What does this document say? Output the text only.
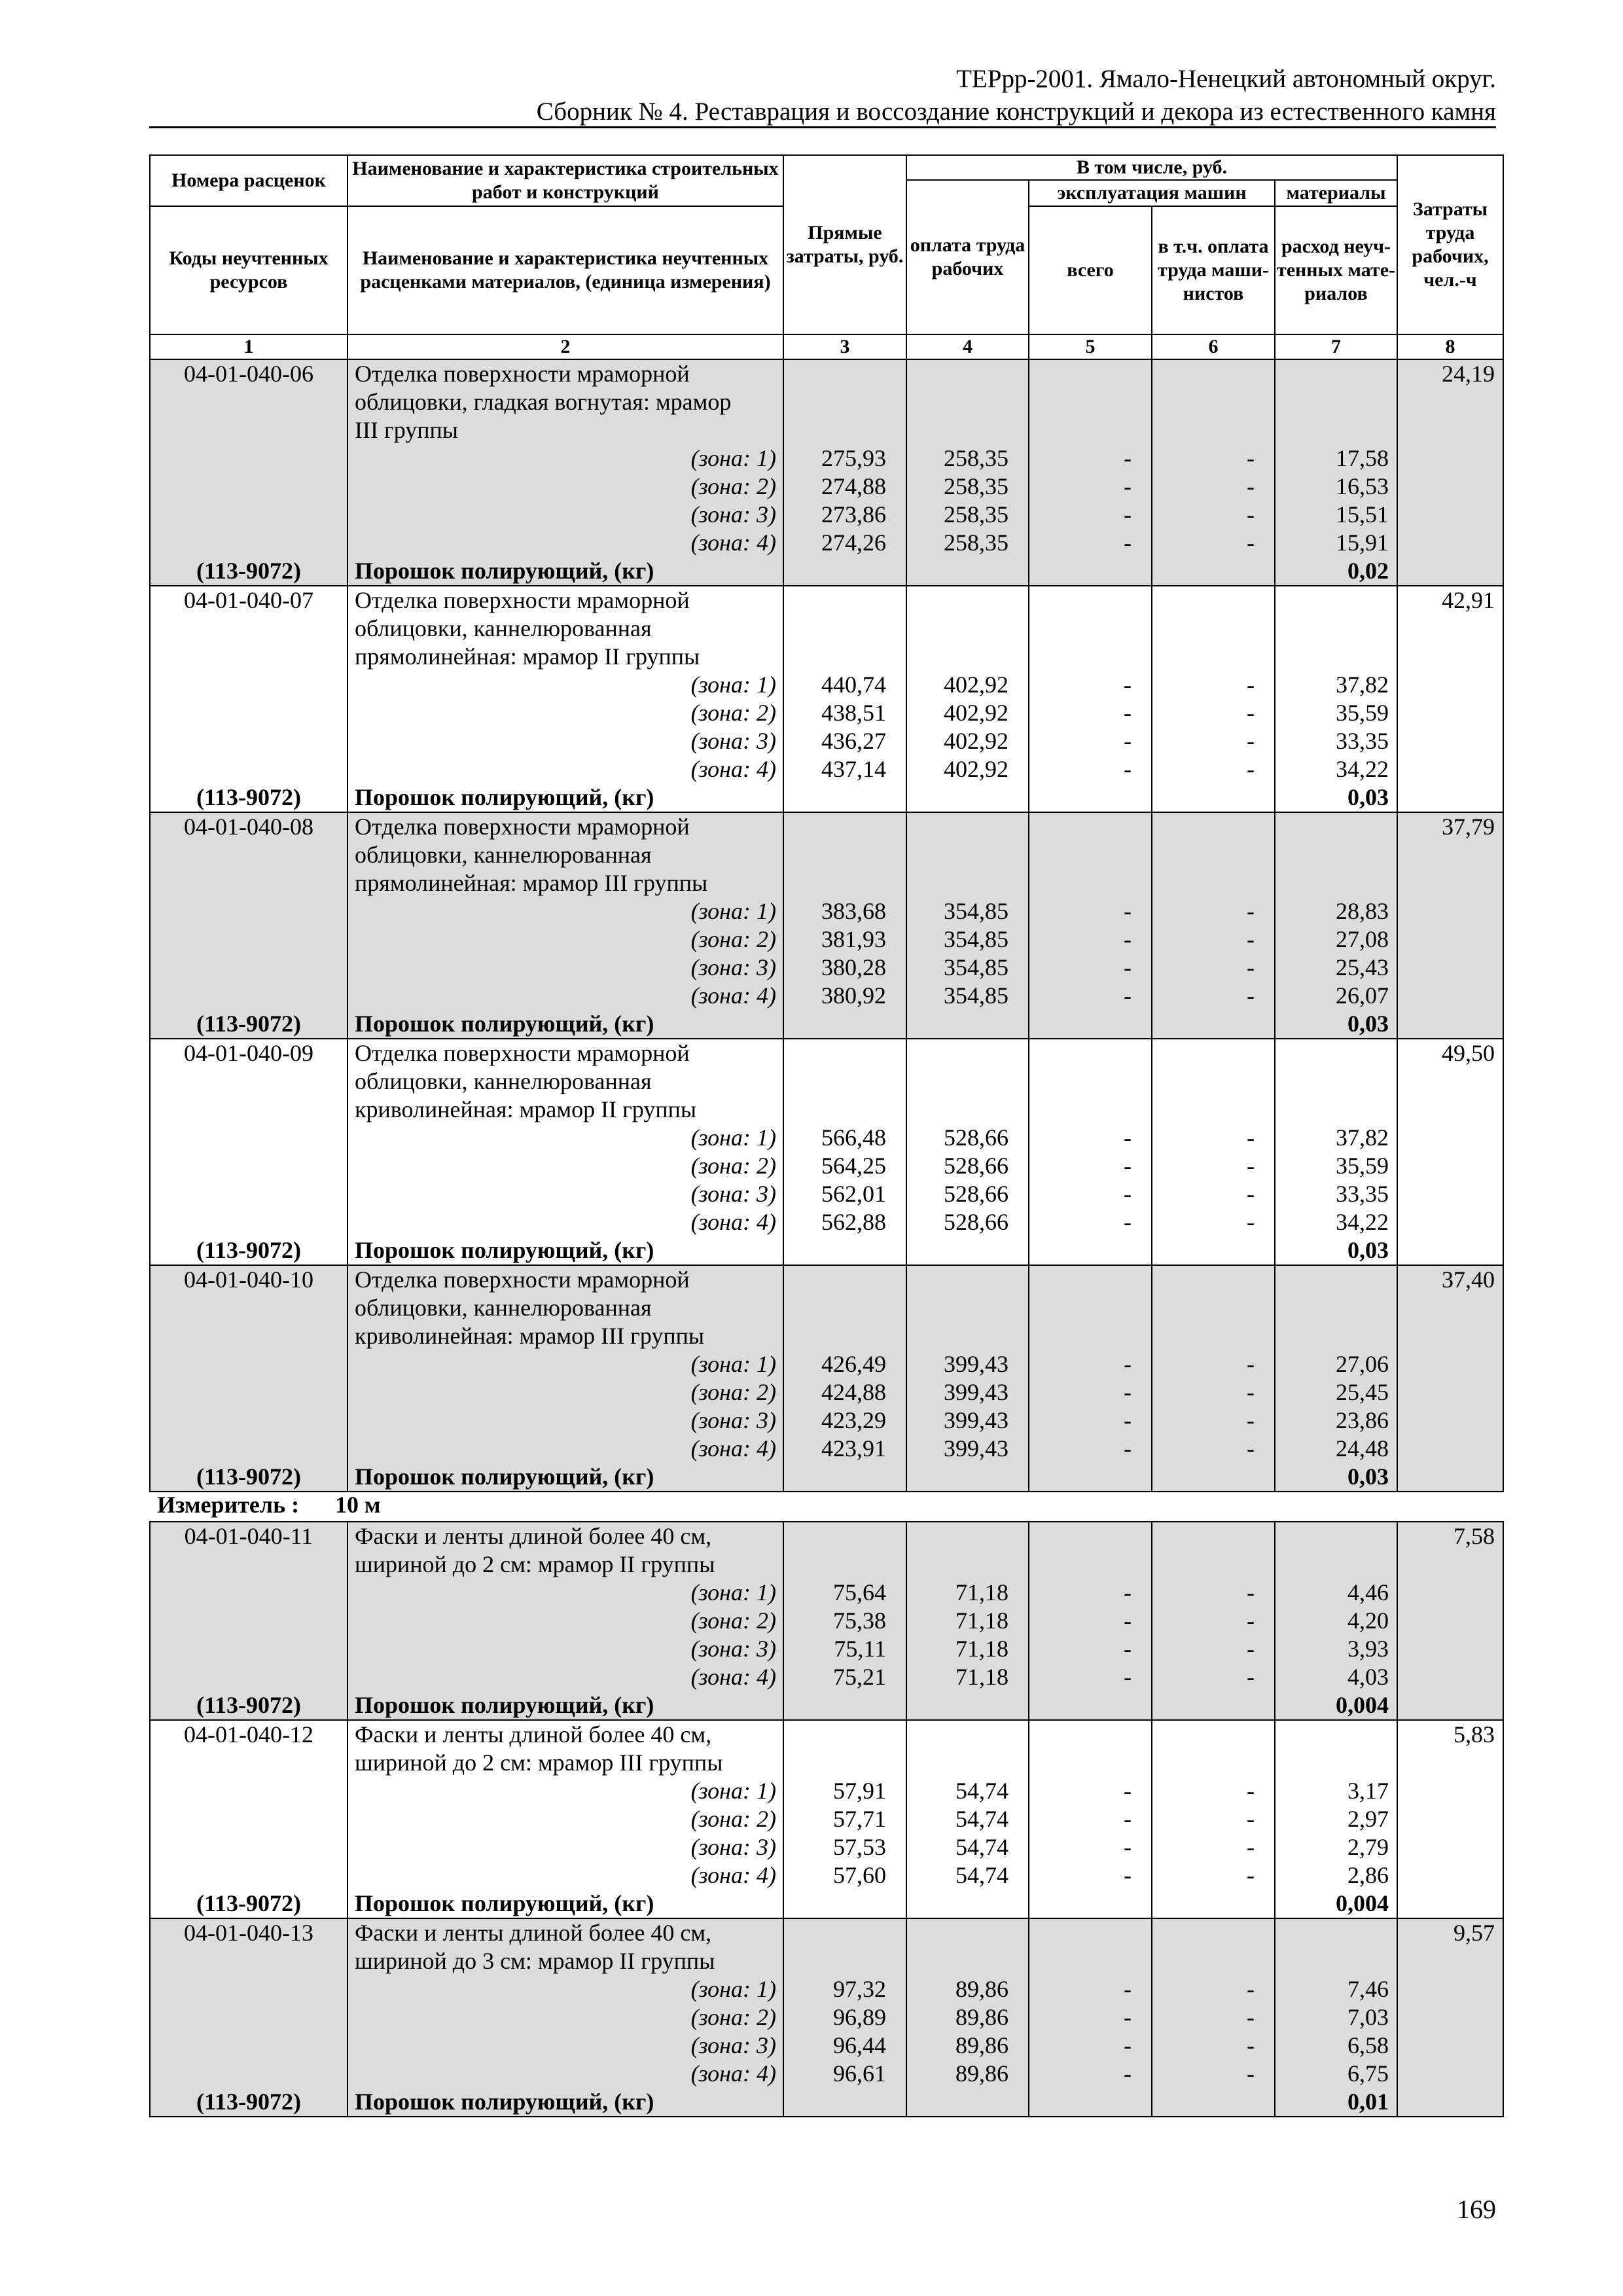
ТЕРрр-2001. Ямало-Ненецкий автономный округ.
Сборник № 4. Реставрация и воссоздание конструкций и декора из естественного камня
Номера расценок	Наименование и характеристика строительных работ и конструкций	Прямые затраты, руб.	В том числе, руб.				Затраты труда рабочих, чел.-ч
			оплата труда рабочих	эксплуатация машин		материалы	
Коды неучтенных ресурсов	Наименование и характеристика неучтенных расценками материалов, (единица измерения)			всего	в т.ч. оплата труда маши-нистов	расход неуч-тенных мате-риалов	
1	2	3	4	5	6	7	8
04-01-040-06	Отделка поверхности мраморной						24,19
	облицовки, гладкая вогнутая: мрамор						
	III группы						
	(зона: 1)	275,93	258,35	-	-	17,58	
	(зона: 2)	274,88	258,35	-	-	16,53	
	(зона: 3)	273,86	258,35	-	-	15,51	
	(зона: 4)	274,26	258,35	-	-	15,91	
(113-9072)	Порошок полирующий, (кг)					0,02	
04-01-040-07	Отделка поверхности мраморной						42,91
	облицовки, каннелюрованная						
	прямолинейная: мрамор II группы						
	(зона: 1)	440,74	402,92	-	-	37,82	
	(зона: 2)	438,51	402,92	-	-	35,59	
	(зона: 3)	436,27	402,92	-	-	33,35	
	(зона: 4)	437,14	402,92	-	-	34,22	
(113-9072)	Порошок полирующий, (кг)					0,03	
04-01-040-08	Отделка поверхности мраморной						37,79
	облицовки, каннелюрованная						
	прямолинейная: мрамор III группы						
	(зона: 1)	383,68	354,85	-	-	28,83	
	(зона: 2)	381,93	354,85	-	-	27,08	
	(зона: 3)	380,28	354,85	-	-	25,43	
	(зона: 4)	380,92	354,85	-	-	26,07	
(113-9072)	Порошок полирующий, (кг)					0,03	
04-01-040-09	Отделка поверхности мраморной						49,50
	облицовки, каннелюрованная						
	криволинейная: мрамор II группы						
	(зона: 1)	566,48	528,66	-	-	37,82	
	(зона: 2)	564,25	528,66	-	-	35,59	
	(зона: 3)	562,01	528,66	-	-	33,35	
	(зона: 4)	562,88	528,66	-	-	34,22	
(113-9072)	Порошок полирующий, (кг)					0,03	
04-01-040-10	Отделка поверхности мраморной						37,40
	облицовки, каннелюрованная						
	криволинейная: мрамор III группы						
	(зона: 1)	426,49	399,43	-	-	27,06	
	(зона: 2)	424,88	399,43	-	-	25,45	
	(зона: 3)	423,29	399,43	-	-	23,86	
	(зона: 4)	423,91	399,43	-	-	24,48	
(113-9072)	Порошок полирующий, (кг)					0,03	
Измеритель : 10 м
04-01-040-11	Фаски и ленты длиной более 40 см,						7,58
	шириной до 2 см: мрамор II группы						
	(зона: 1)	75,64	71,18	-	-	4,46	
	(зона: 2)	75,38	71,18	-	-	4,20	
	(зона: 3)	75,11	71,18	-	-	3,93	
	(зона: 4)	75,21	71,18	-	-	4,03	
(113-9072)	Порошок полирующий, (кг)					0,004	
04-01-040-12	Фаски и ленты длиной более 40 см,						5,83
	шириной до 2 см: мрамор III группы						
	(зона: 1)	57,91	54,74	-	-	3,17	
	(зона: 2)	57,71	54,74	-	-	2,97	
	(зона: 3)	57,53	54,74	-	-	2,79	
	(зона: 4)	57,60	54,74	-	-	2,86	
(113-9072)	Порошок полирующий, (кг)					0,004	
04-01-040-13	Фаски и ленты длиной более 40 см,						9,57
	шириной до 3 см: мрамор II группы						
	(зона: 1)	97,32	89,86	-	-	7,46	
	(зона: 2)	96,89	89,86	-	-	7,03	
	(зона: 3)	96,44	89,86	-	-	6,58	
	(зона: 4)	96,61	89,86	-	-	6,75	
(113-9072)	Порошок полирующий, (кг)					0,01	
169
